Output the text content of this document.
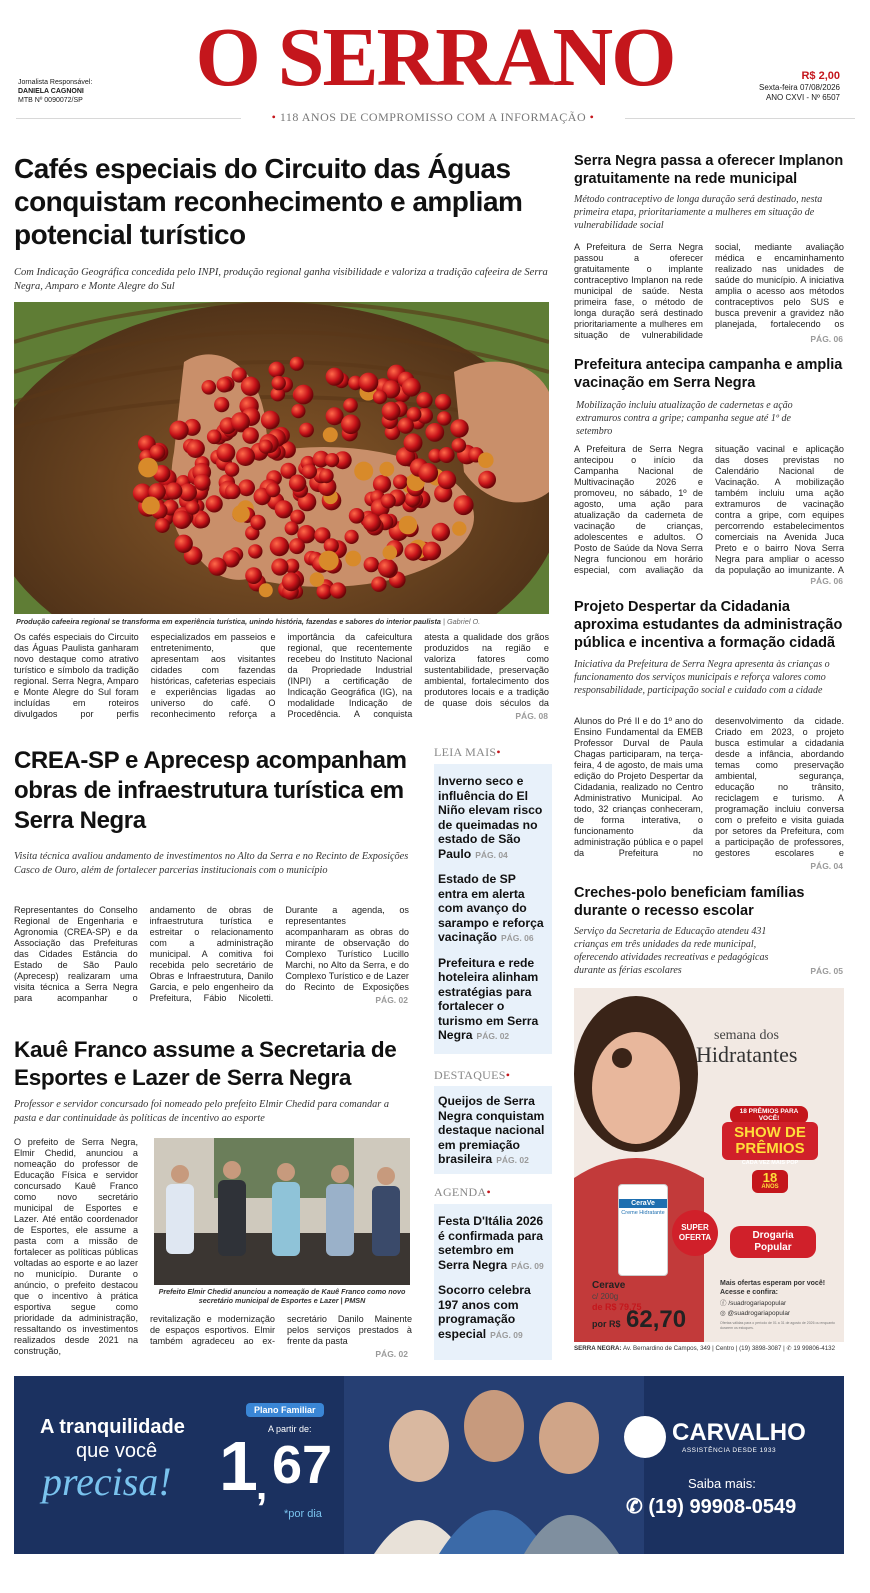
Jornalista Responsável:
DANIELA CAGNONI
MTB Nº 0090072/SP	O SERRANO	R$ 2,00
Sexta-feira 07/08/2026
ANO CXVI - Nº 6507
• 118 ANOS DE COMPROMISSO COM A INFORMAÇÃO •
Cafés especiais do Circuito das Águas conquistam reconhecimento e ampliam potencial turístico
Com Indicação Geográfica concedida pelo INPI, produção regional ganha visibilidade e valoriza a tradição cafeeira de Serra Negra, Amparo e Monte Alegre do Sul
Produção cafeeira regional se transforma em experiência turística, unindo história, fazendas e sabores do interior paulista | Gabriel O.
Os cafés especiais do Circuito das Águas Paulista ganharam novo destaque como atrativo turístico e símbolo da tradição regional. Serra Negra, Amparo e Monte Alegre do Sul foram incluídas em roteiros divulgados por perfis especializados em passeios e entretenimento, que apresentam aos visitantes cidades com fazendas históricas, cafeterias especiais e experiências ligadas ao universo do café. O reconhecimento reforça a importância da cafeicultura regional, que recentemente recebeu do Instituto Nacional da Propriedade Industrial (INPI) a certificação de Indicação Geográfica (IG), na modalidade Indicação de Procedência. A conquista atesta a qualidade dos grãos produzidos na região e valoriza fatores como sustentabilidade, preservação ambiental, fortalecimento dos produtores locais e a tradição de quase dois séculos da
PÁG. 08
CREA-SP e Aprecesp acompanham obras de infraestrutura turística em Serra Negra
Visita técnica avaliou andamento de investimentos no Alto da Serra e no Recinto de Exposições Casco de Ouro, além de fortalecer parcerias institucionais com o município
Representantes do Conselho Regional de Engenharia e Agronomia (CREA-SP) e da Associação das Prefeituras das Cidades Estância do Estado de São Paulo (Aprecesp) realizaram uma visita técnica a Serra Negra para acompanhar o andamento de obras de infraestrutura turística e estreitar o relacionamento com a administração municipal. A comitiva foi recebida pelo secretário de Obras e Infraestrutura, Danilo Garcia, e pelo engenheiro da Prefeitura, Fábio Nicoletti. Durante a agenda, os representantes acompanharam as obras do mirante de observação do Complexo Turístico Lucillo Marchi, no Alto da Serra, e do Complexo Turístico e de Lazer do Recinto de Exposições
PÁG. 02
Kauê Franco assume a Secretaria de Esportes e Lazer de Serra Negra
Professor e servidor concursado foi nomeado pelo prefeito Elmir Chedid para comandar a pasta e dar continuidade às políticas de incentivo ao esporte
O prefeito de Serra Negra, Elmir Chedid, anunciou a nomeação do professor de Educação Física e servidor concursado Kauê Franco como novo secretário municipal de Esportes e Lazer. Até então coordenador de Esportes, ele assume a pasta com a missão de fortalecer as políticas públicas voltadas ao esporte e ao lazer no município. Durante o anúncio, o prefeito destacou que o incentivo à prática esportiva segue como prioridade da administração, ressaltando os investimentos realizados desde 2021 na construção,
Prefeito Elmir Chedid anunciou a nomeação de Kauê Franco como novo secretário municipal de Esportes e Lazer | PMSN
revitalização e modernização de espaços esportivos. Elmir também agradeceu ao ex-secretário Danilo Mainente pelos serviços prestados à frente da pasta
PÁG. 02
LEIA MAIS•
Inverno seco e influência do El Niño elevam risco de queimadas no estado de São Paulo PÁG. 04
Estado de SP entra em alerta com avanço do sarampo e reforça vacinação PÁG. 06
Prefeitura e rede hoteleira alinham estratégias para fortalecer o turismo em Serra Negra PÁG. 02
DESTAQUES•
Queijos de Serra Negra conquistam destaque nacional em premiação brasileira PÁG. 02
AGENDA•
Festa D'Itália 2026 é confirmada para setembro em Serra Negra PÁG. 09
Socorro celebra 197 anos com programação especial PÁG. 09
Serra Negra passa a oferecer Implanon gratuitamente na rede municipal
Método contraceptivo de longa duração será destinado, nesta primeira etapa, prioritariamente a mulheres em situação de vulnerabilidade social
A Prefeitura de Serra Negra passou a oferecer gratuitamente o implante contraceptivo Implanon na rede municipal de saúde. Nesta primeira fase, o método de longa duração será destinado prioritariamente a mulheres em situação de vulnerabilidade social, mediante avaliação médica e encaminhamento realizado nas unidades de saúde do município. A iniciativa amplia o acesso aos métodos contraceptivos pelo SUS e busca prevenir a gravidez não planejada, fortalecendo os
PÁG. 06
Prefeitura antecipa campanha e amplia vacinação em Serra Negra
Mobilização incluiu atualização de cadernetas e ação extramuros contra a gripe; campanha segue até 1º de setembro
A Prefeitura de Serra Negra antecipou o início da Campanha Nacional de Multivacinação 2026 e promoveu, no sábado, 1º de agosto, uma ação para atualização da caderneta de vacinação de crianças, adolescentes e adultos. O Posto de Saúde da Nova Serra Negra funcionou em horário especial, com avaliação da situação vacinal e aplicação das doses previstas no Calendário Nacional de Vacinação. A mobilização também incluiu uma ação extramuros de vacinação contra a gripe, com equipes percorrendo estabelecimentos comerciais na Avenida Juca Preto e o bairro Nova Serra Negra para ampliar o acesso da população ao imunizante. A
PÁG. 06
Projeto Despertar da Cidadania aproxima estudantes da administração pública e incentiva a formação cidadã
Iniciativa da Prefeitura de Serra Negra apresenta às crianças o funcionamento dos serviços municipais e reforça valores como responsabilidade, participação social e cuidado com a cidade
Alunos do Pré II e do 1º ano do Ensino Fundamental da EMEB Professor Durval de Paula Chagas participaram, na terça-feira, 4 de agosto, de mais uma edição do Projeto Despertar da Cidadania, realizado no Centro Administrativo Municipal. Ao todo, 32 crianças conheceram, de forma interativa, o funcionamento da administração pública e o papel da Prefeitura no desenvolvimento da cidade. Criado em 2023, o projeto busca estimular a cidadania desde a infância, abordando temas como preservação ambiental, segurança, educação no trânsito, reciclagem e turismo. A programação incluiu conversa com o prefeito e visita guiada por setores da Prefeitura, com a participação de professores, gestores escolares e
PÁG. 04
Creches-polo beneficiam famílias durante o recesso escolar
Serviço da Secretaria de Educação atendeu 431 crianças em três unidades da rede municipal, oferecendo atividades recreativas e pedagógicas durante as férias escolares	PÁG. 05
semana dos
Hidratantes
18 PRÊMIOS PARA VOCÊ!
SHOW DE PRÊMIOS
CADA VEZ MAIS POP
18
ANOS
Drogaria Popular
SUPER OFERTA
CeraVe
Creme Hidratante
Cerave
c/ 200g
de R$ 79,75
por R$ 62,70
Mais ofertas esperam por você! Acesse e confira:
ⓕ /suadrogariapopular
◎ @suadrogariapopular
Ofertas válidas para o período de 01 a 31 de agosto de 2026 ou enquanto durarem os estoques.
SERRA NEGRA: Av. Bernardino de Campos, 349 | Centro | (19) 3898-3087 | ✆ 19 99806-4132
A tranquilidade
que você
precisa!
Plano Familiar
A partir de:
1
, 67
*por dia
CARVALHO
ASSISTÊNCIA DESDE 1933
Saiba mais:
✆ (19) 99908-0549
